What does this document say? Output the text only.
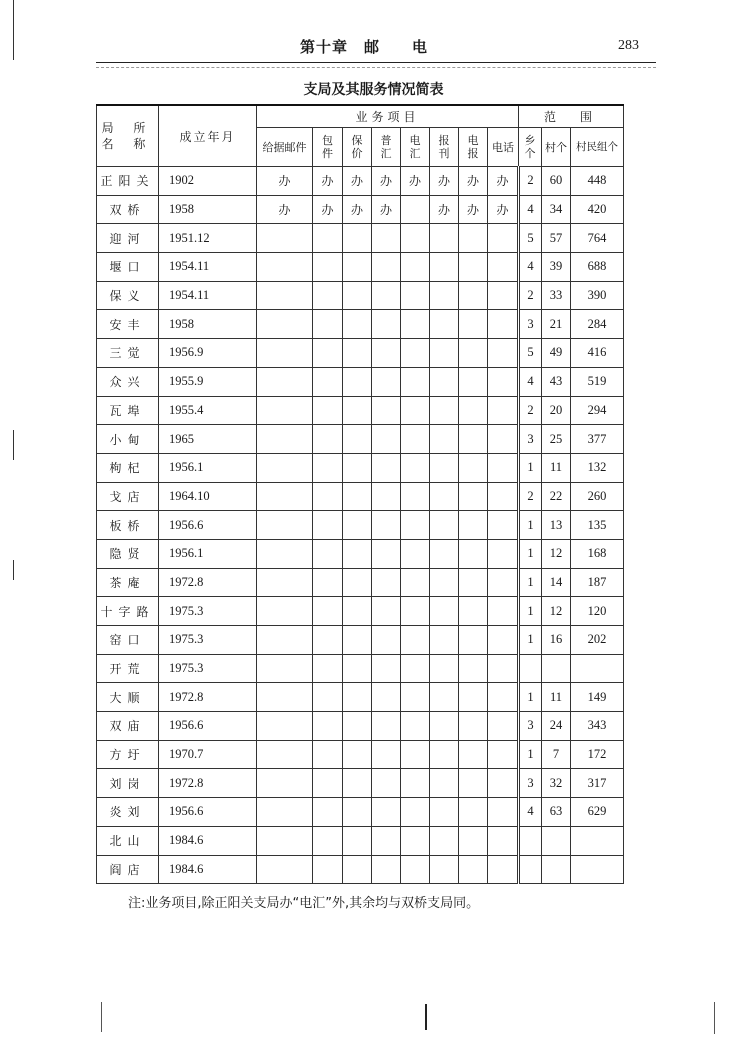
第十章　邮　　电	283
支局及其服务情况简表
局 所
名 称	成立年月	业务项目								范　围		
		给据邮件	包件	保价	普汇	电汇	报刊	电报	电话	乡个	村个	村民组个
正阳关	1902	办	办	办	办	办	办	办	办	2	60	448
双桥	1958	办	办	办	办		办	办	办	4	34	420
迎河	1951.12									5	57	764
堰口	1954.11									4	39	688
保义	1954.11									2	33	390
安丰	1958									3	21	284
三觉	1956.9									5	49	416
众兴	1955.9									4	43	519
瓦埠	1955.4									2	20	294
小甸	1965									3	25	377
枸杞	1956.1									1	11	132
戈店	1964.10									2	22	260
板桥	1956.6									1	13	135
隐贤	1956.1									1	12	168
茶庵	1972.8									1	14	187
十字路	1975.3									1	12	120
窑口	1975.3									1	16	202
开荒	1975.3											
大顺	1972.8									1	11	149
双庙	1956.6									3	24	343
方圩	1970.7									1	7	172
刘岗	1972.8									3	32	317
炎刘	1956.6									4	63	629
北山	1984.6											
阎店	1984.6											
注:业务项目,除正阳关支局办“电汇”外,其余均与双桥支局同。
